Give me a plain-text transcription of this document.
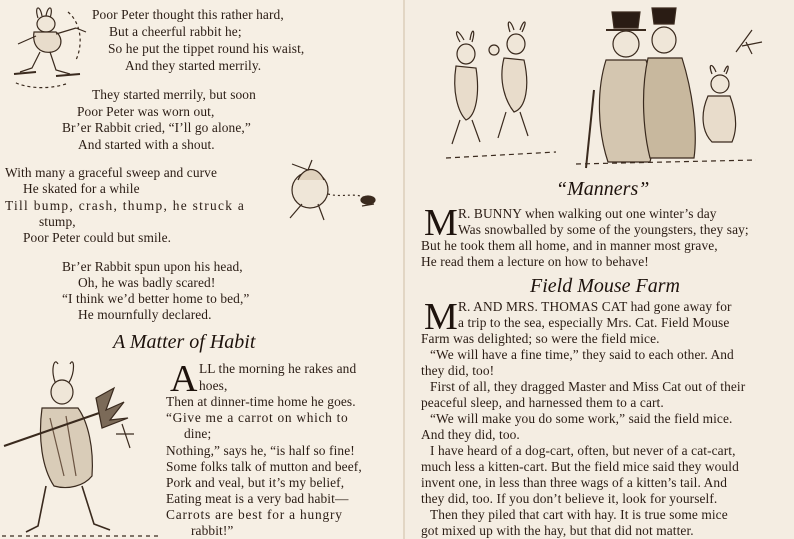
Poor Peter thought this rather hard,
But a cheerful rabbit he;
So he put the tippet round his waist,
And they started merrily.
They started merrily, but soon
Poor Peter was worn out,
Br’er Rabbit cried, “I’ll go alone,”
And started with a shout.
With many a graceful sweep and curve
He skated for a while
Till bump, crash, thump, he struck a
stump,
Poor Peter could but smile.
Br’er Rabbit spun upon his head,
Oh, he was badly scared!
“I think we’d better home to bed,”
He mournfully declared.
A Matter of Habit
A LL the morning he rakes and
hoes,
Then at dinner-time home he goes.
“Give me a carrot on which to
dine;
Nothing,” says he, “is half so fine!
Some folks talk of mutton and beef,
Pork and veal, but it’s my belief,
Eating meat is a very bad habit—
Carrots are best for a hungry
rabbit!”
“Manners”
M R. BUNNY when walking out one winter’s day
Was snowballed by some of the youngsters, they say;
But he took them all home, and in manner most grave,
He read them a lecture on how to behave!
Field Mouse Farm
M R. AND MRS. THOMAS CAT had gone away for
a trip to the sea, especially Mrs. Cat. Field Mouse
Farm was delighted; so were the field mice.
“We will have a fine time,” they said to each other. And
they did, too!
First of all, they dragged Master and Miss Cat out of their
peaceful sleep, and harnessed them to a cart.
“We will make you do some work,” said the field mice.
And they did, too.
I have heard of a dog-cart, often, but never of a cat-cart,
much less a kitten-cart. But the field mice said they would
invent one, in less than three wags of a kitten’s tail. And
they did, too. If you don’t believe it, look for yourself.
Then they piled that cart with hay. It is true some mice
got mixed up with the hay, but that did not matter.
